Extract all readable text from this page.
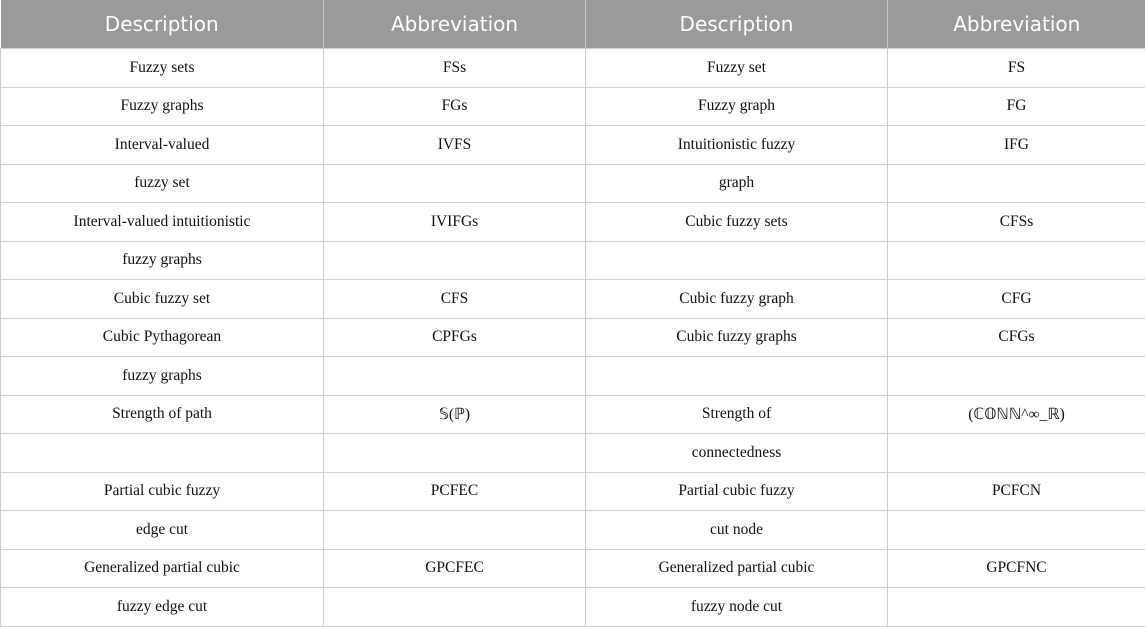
Description	Abbreviation	Description	Abbreviation
Fuzzy sets	FSs	Fuzzy set	FS
Fuzzy graphs	FGs	Fuzzy graph	FG
Interval-valued	IVFS	Intuitionistic fuzzy	IFG
fuzzy set		graph	
Interval-valued intuitionistic	IVIFGs	Cubic fuzzy sets	CFSs
fuzzy graphs			
Cubic fuzzy set	CFS	Cubic fuzzy graph	CFG
Cubic Pythagorean	CPFGs	Cubic fuzzy graphs	CFGs
fuzzy graphs			
Strength of path	𝕊(ℙ)	Strength of	(ℂ𝕆ℕℕ^∞_ℝ)
		connectedness	
Partial cubic fuzzy	PCFEC	Partial cubic fuzzy	PCFCN
edge cut		cut node	
Generalized partial cubic	GPCFEC	Generalized partial cubic	GPCFNC
fuzzy edge cut		fuzzy node cut	
